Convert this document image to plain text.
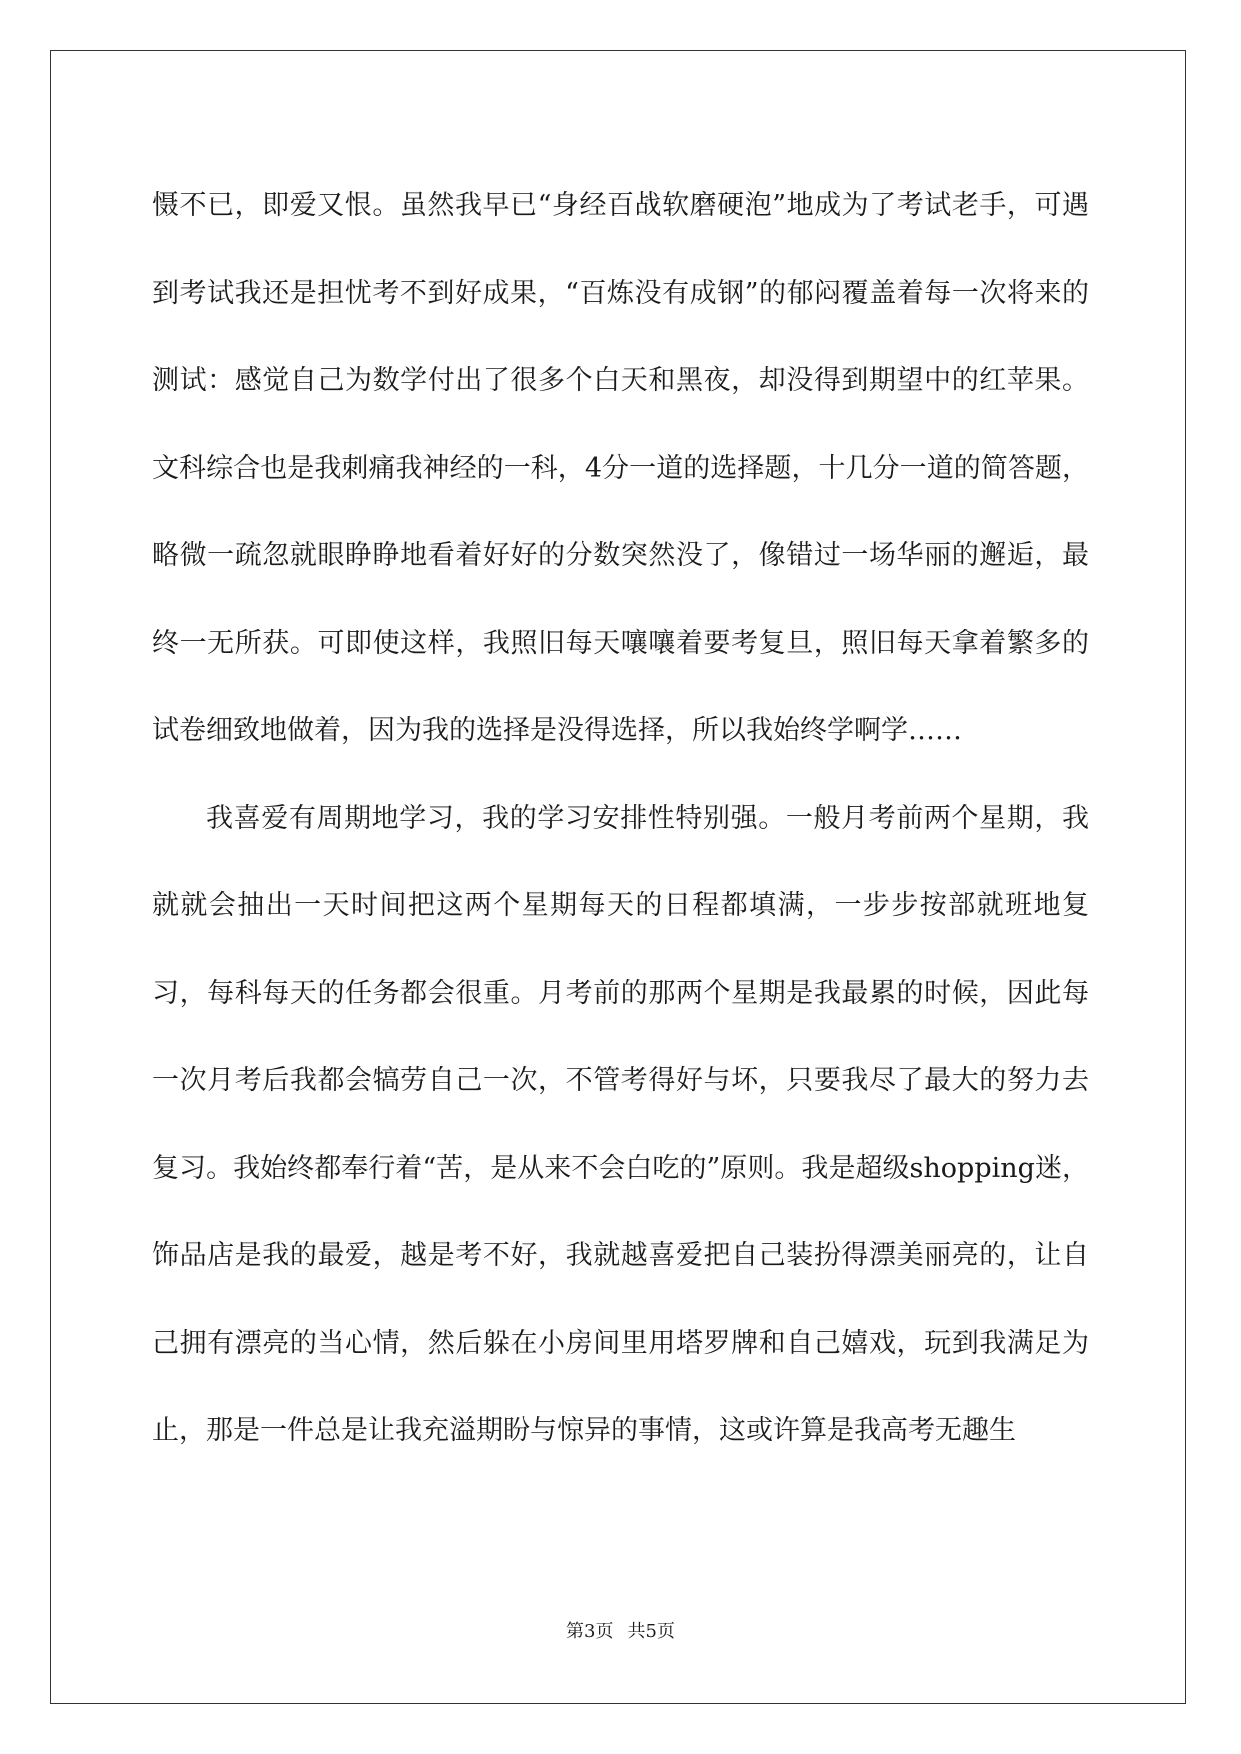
慑不已，即爱又恨。虽然我早已“身经百战软磨硬泡”地成为了考试老手，可遇到考试我还是担忧考不到好成果，“百炼没有成钢”的郁闷覆盖着每一次将来的测试：感觉自己为数学付出了很多个白天和黑夜，却没得到期望中的红苹果。文科综合也是我刺痛我神经的一科，4分一道的选择题，十几分一道的简答题，略微一疏忽就眼睁睁地看着好好的分数突然没了，像错过一场华丽的邂逅，最终一无所获。可即使这样，我照旧每天嚷嚷着要考复旦，照旧每天拿着繁多的试卷细致地做着，因为我的选择是没得选择，所以我始终学啊学……

我喜爱有周期地学习，我的学习安排性特别强。一般月考前两个星期，我就就会抽出一天时间把这两个星期每天的日程都填满，一步步按部就班地复习，每科每天的任务都会很重。月考前的那两个星期是我最累的时候，因此每一次月考后我都会犒劳自己一次，不管考得好与坏，只要我尽了最大的努力去复习。我始终都奉行着“苦，是从来不会白吃的”原则。我是超级shopping迷，饰品店是我的最爱，越是考不好，我就越喜爱把自己装扮得漂美丽亮的，让自己拥有漂亮的当心情，然后躲在小房间里用塔罗牌和自己嬉戏，玩到我满足为止，那是一件总是让我充溢期盼与惊异的事情，这或许算是我高考无趣生

第3页 共5页
